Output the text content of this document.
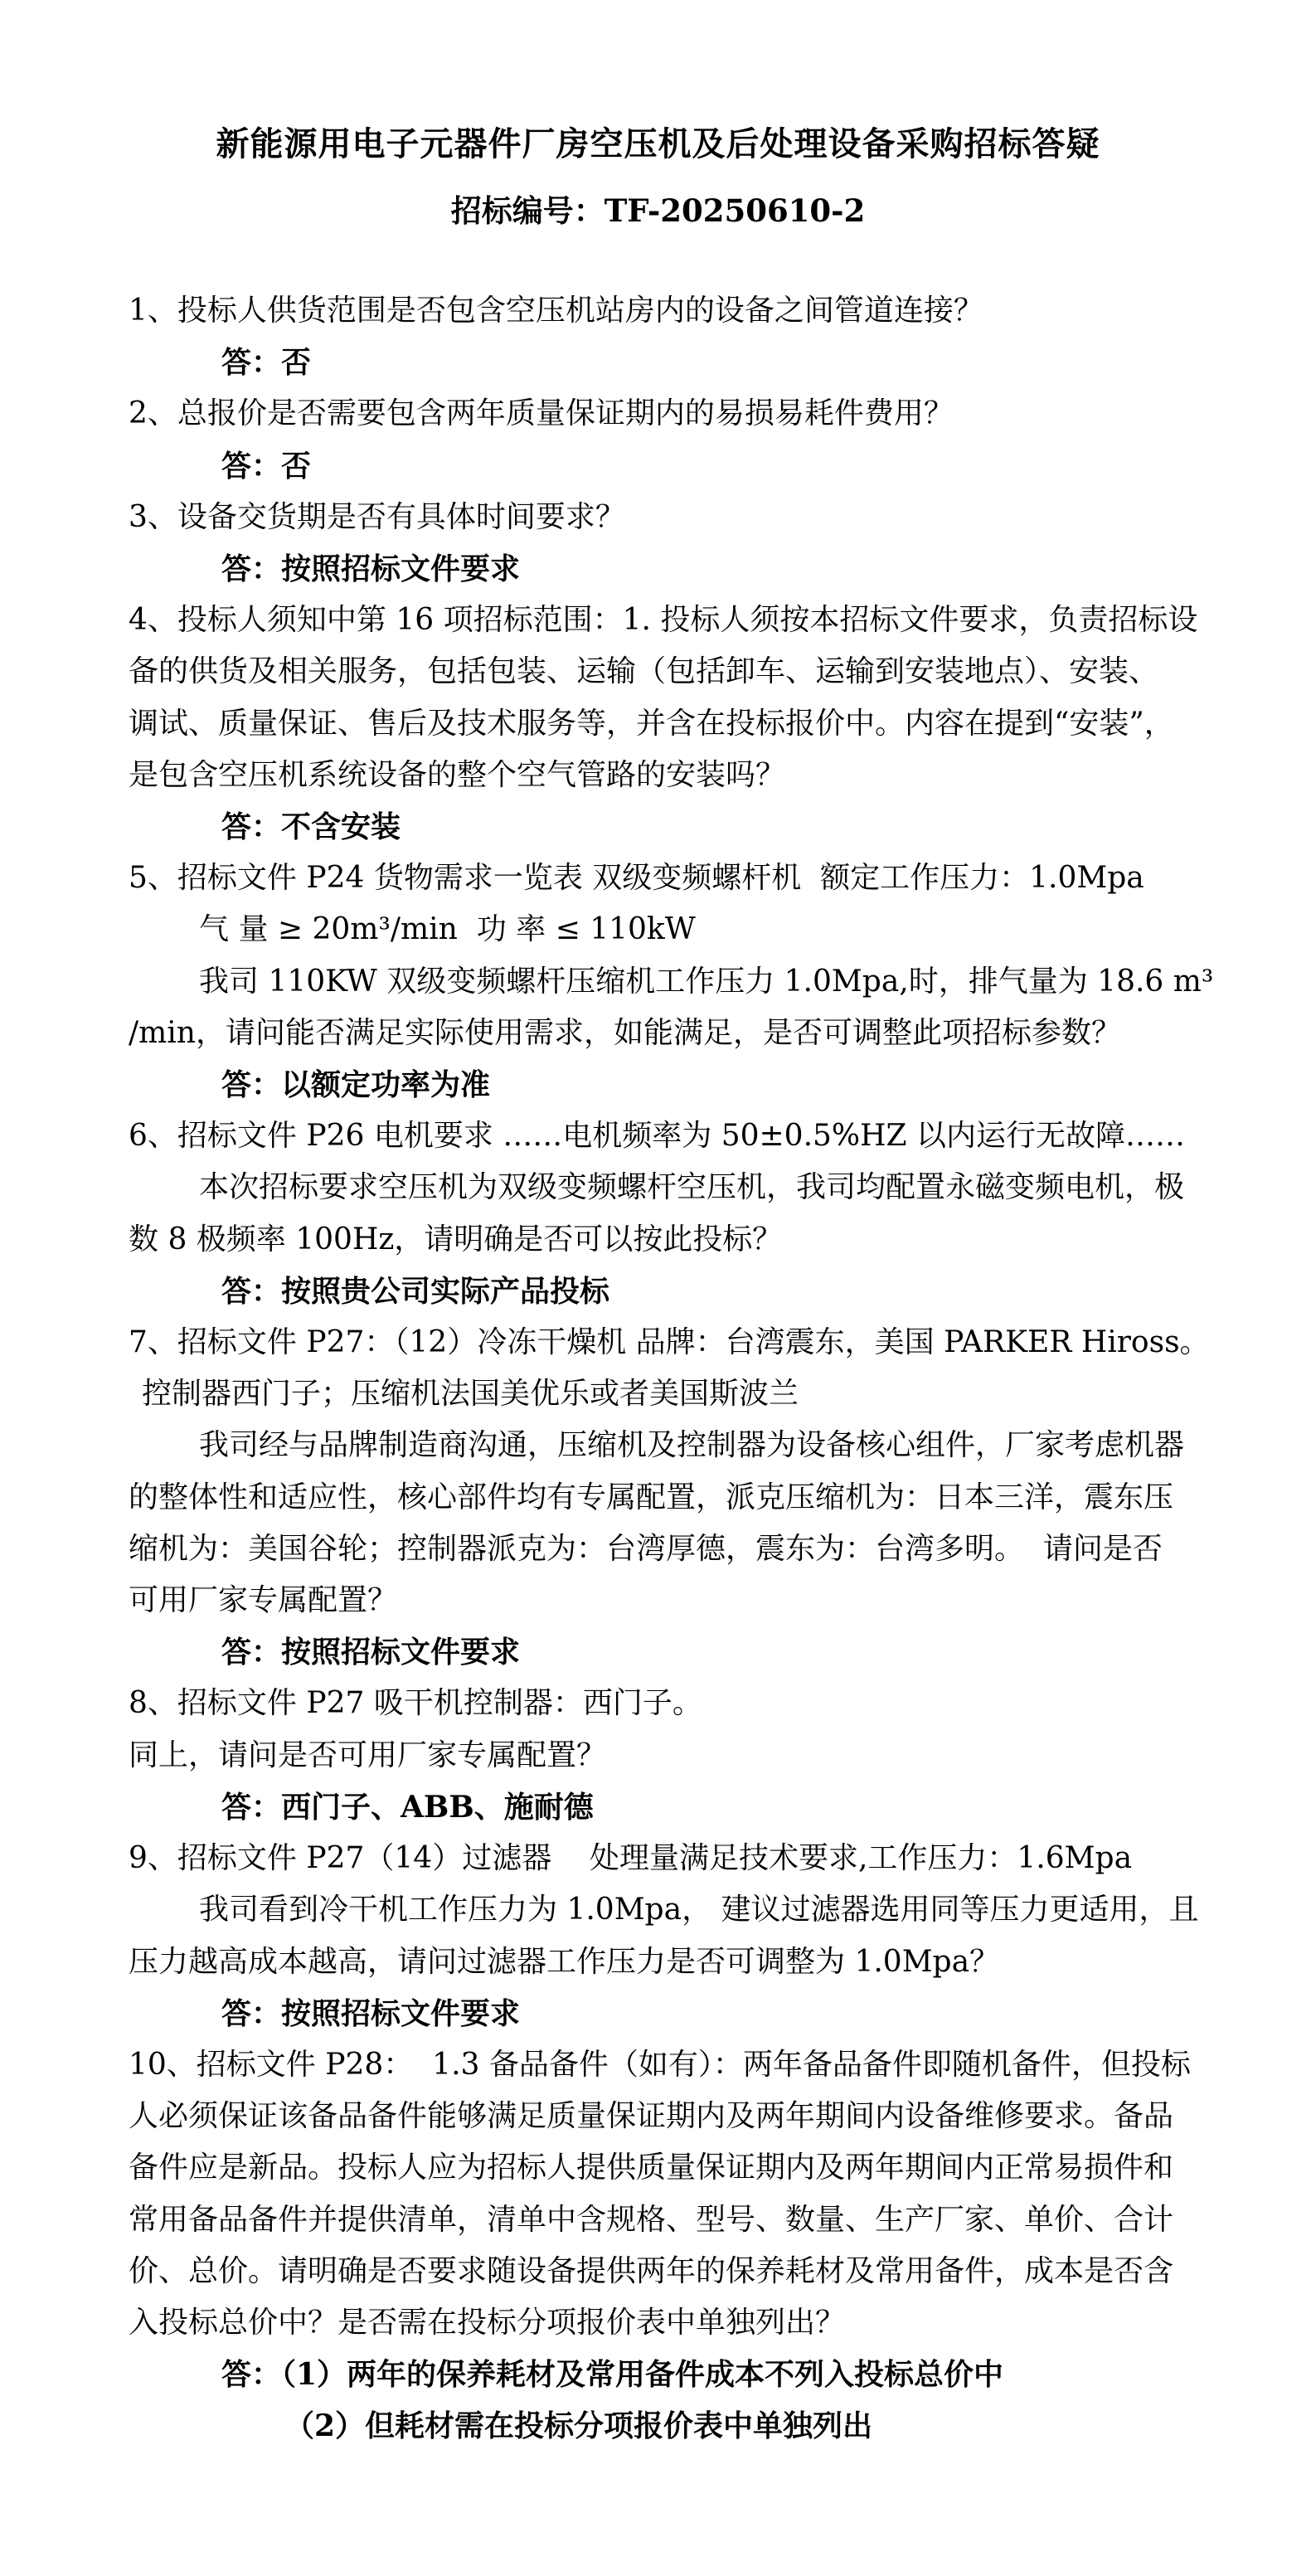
新能源用电子元器件厂房空压机及后处理设备采购招标答疑
招标编号：TF-20250610-2
1、投标人供货范围是否包含空压机站房内的设备之间管道连接？
答：否
2、总报价是否需要包含两年质量保证期内的易损易耗件费用？
答：否
3、设备交货期是否有具体时间要求？
答：按照招标文件要求
4、投标人须知中第 16 项招标范围：1. 投标人须按本招标文件要求，负责招标设
备的供货及相关服务，包括包装、运输（包括卸车、运输到安装地点）、安装、
调试、质量保证、售后及技术服务等，并含在投标报价中。内容在提到“安装”，
是包含空压机系统设备的整个空气管路的安装吗？
答：不含安装
5、招标文件 P24 货物需求一览表 双级变频螺杆机  额定工作压力：1.0Mpa
气 量 ≥ 20m³/min  功 率 ≤ 110kW
我司 110KW 双级变频螺杆压缩机工作压力 1.0Mpa,时，排气量为 18.6 m³
/min，请问能否满足实际使用需求，如能满足，是否可调整此项招标参数？
答：以额定功率为准
6、招标文件 P26 电机要求 ……电机频率为 50±0.5%HZ 以内运行无故障……
本次招标要求空压机为双级变频螺杆空压机，我司均配置永磁变频电机，极
数 8 极频率 100Hz，请明确是否可以按此投标？
答：按照贵公司实际产品投标
7、招标文件 P27：（12）冷冻干燥机 品牌：台湾震东，美国 PARKER Hiross。
控制器西门子；压缩机法国美优乐或者美国斯波兰
我司经与品牌制造商沟通，压缩机及控制器为设备核心组件，厂家考虑机器
的整体性和适应性，核心部件均有专属配置，派克压缩机为：日本三洋，震东压
缩机为：美国谷轮；控制器派克为：台湾厚德，震东为：台湾多明。  请问是否
可用厂家专属配置？
答：按照招标文件要求
8、招标文件 P27 吸干机控制器：西门子。
同上，请问是否可用厂家专属配置？
答：西门子、ABB、施耐德
9、招标文件 P27（14）过滤器    处理量满足技术要求,工作压力：1.6Mpa
我司看到冷干机工作压力为 1.0Mpa， 建议过滤器选用同等压力更适用，且
压力越高成本越高，请问过滤器工作压力是否可调整为 1.0Mpa？
答：按照招标文件要求
10、招标文件 P28：  1.3 备品备件（如有）：两年备品备件即随机备件，但投标
人必须保证该备品备件能够满足质量保证期内及两年期间内设备维修要求。备品
备件应是新品。投标人应为招标人提供质量保证期内及两年期间内正常易损件和
常用备品备件并提供清单，清单中含规格、型号、数量、生产厂家、单价、合计
价、总价。请明确是否要求随设备提供两年的保养耗材及常用备件，成本是否含
入投标总价中？是否需在投标分项报价表中单独列出？
答：（1）两年的保养耗材及常用备件成本不列入投标总价中
（2）但耗材需在投标分项报价表中单独列出
